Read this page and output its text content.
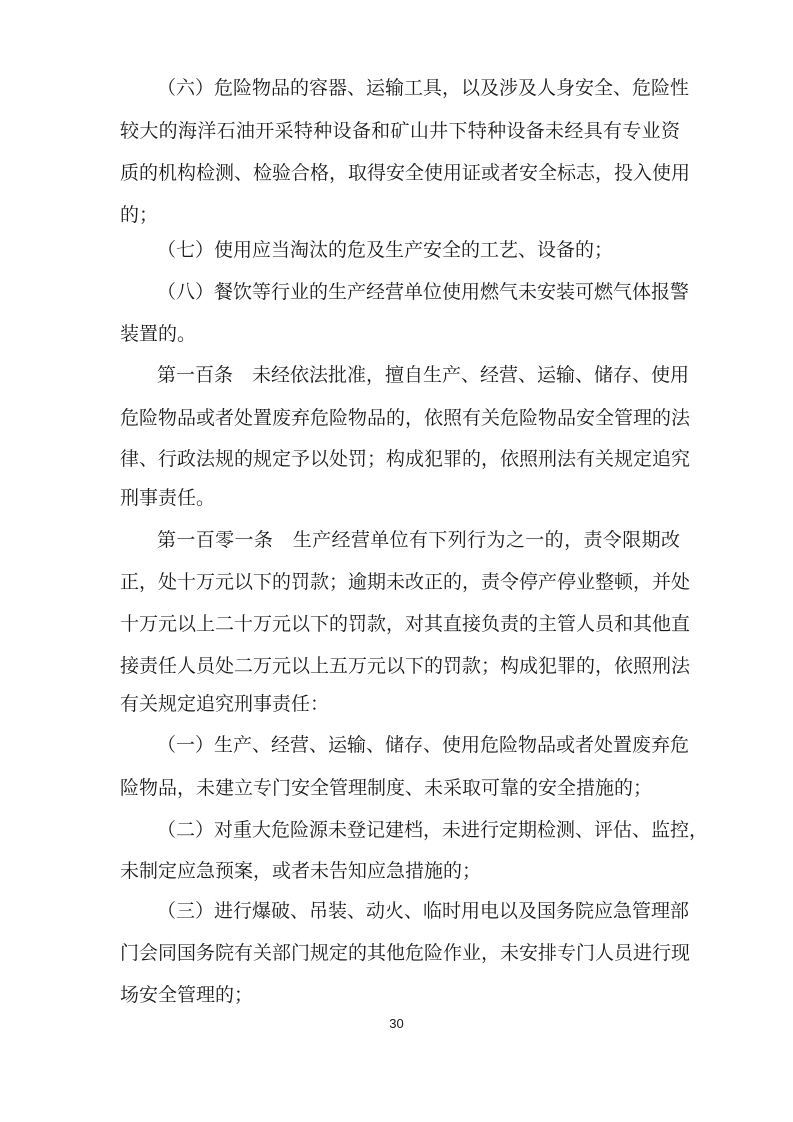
（六）危险物品的容器、运输工具，以及涉及人身安全、危险性

较大的海洋石油开采特种设备和矿山井下特种设备未经具有专业资

质的机构检测、检验合格，取得安全使用证或者安全标志，投入使用

的；

（七）使用应当淘汰的危及生产安全的工艺、设备的；

（八）餐饮等行业的生产经营单位使用燃气未安装可燃气体报警

装置的。

第一百条　未经依法批准，擅自生产、经营、运输、储存、使用

危险物品或者处置废弃危险物品的，依照有关危险物品安全管理的法

律、行政法规的规定予以处罚；构成犯罪的，依照刑法有关规定追究

刑事责任。

第一百零一条　生产经营单位有下列行为之一的，责令限期改

正，处十万元以下的罚款；逾期未改正的，责令停产停业整顿，并处

十万元以上二十万元以下的罚款，对其直接负责的主管人员和其他直

接责任人员处二万元以上五万元以下的罚款；构成犯罪的，依照刑法

有关规定追究刑事责任：

（一）生产、经营、运输、储存、使用危险物品或者处置废弃危

险物品，未建立专门安全管理制度、未采取可靠的安全措施的；

（二）对重大危险源未登记建档，未进行定期检测、评估、监控，

未制定应急预案，或者未告知应急措施的；

（三）进行爆破、吊装、动火、临时用电以及国务院应急管理部

门会同国务院有关部门规定的其他危险作业，未安排专门人员进行现

场安全管理的；

30
